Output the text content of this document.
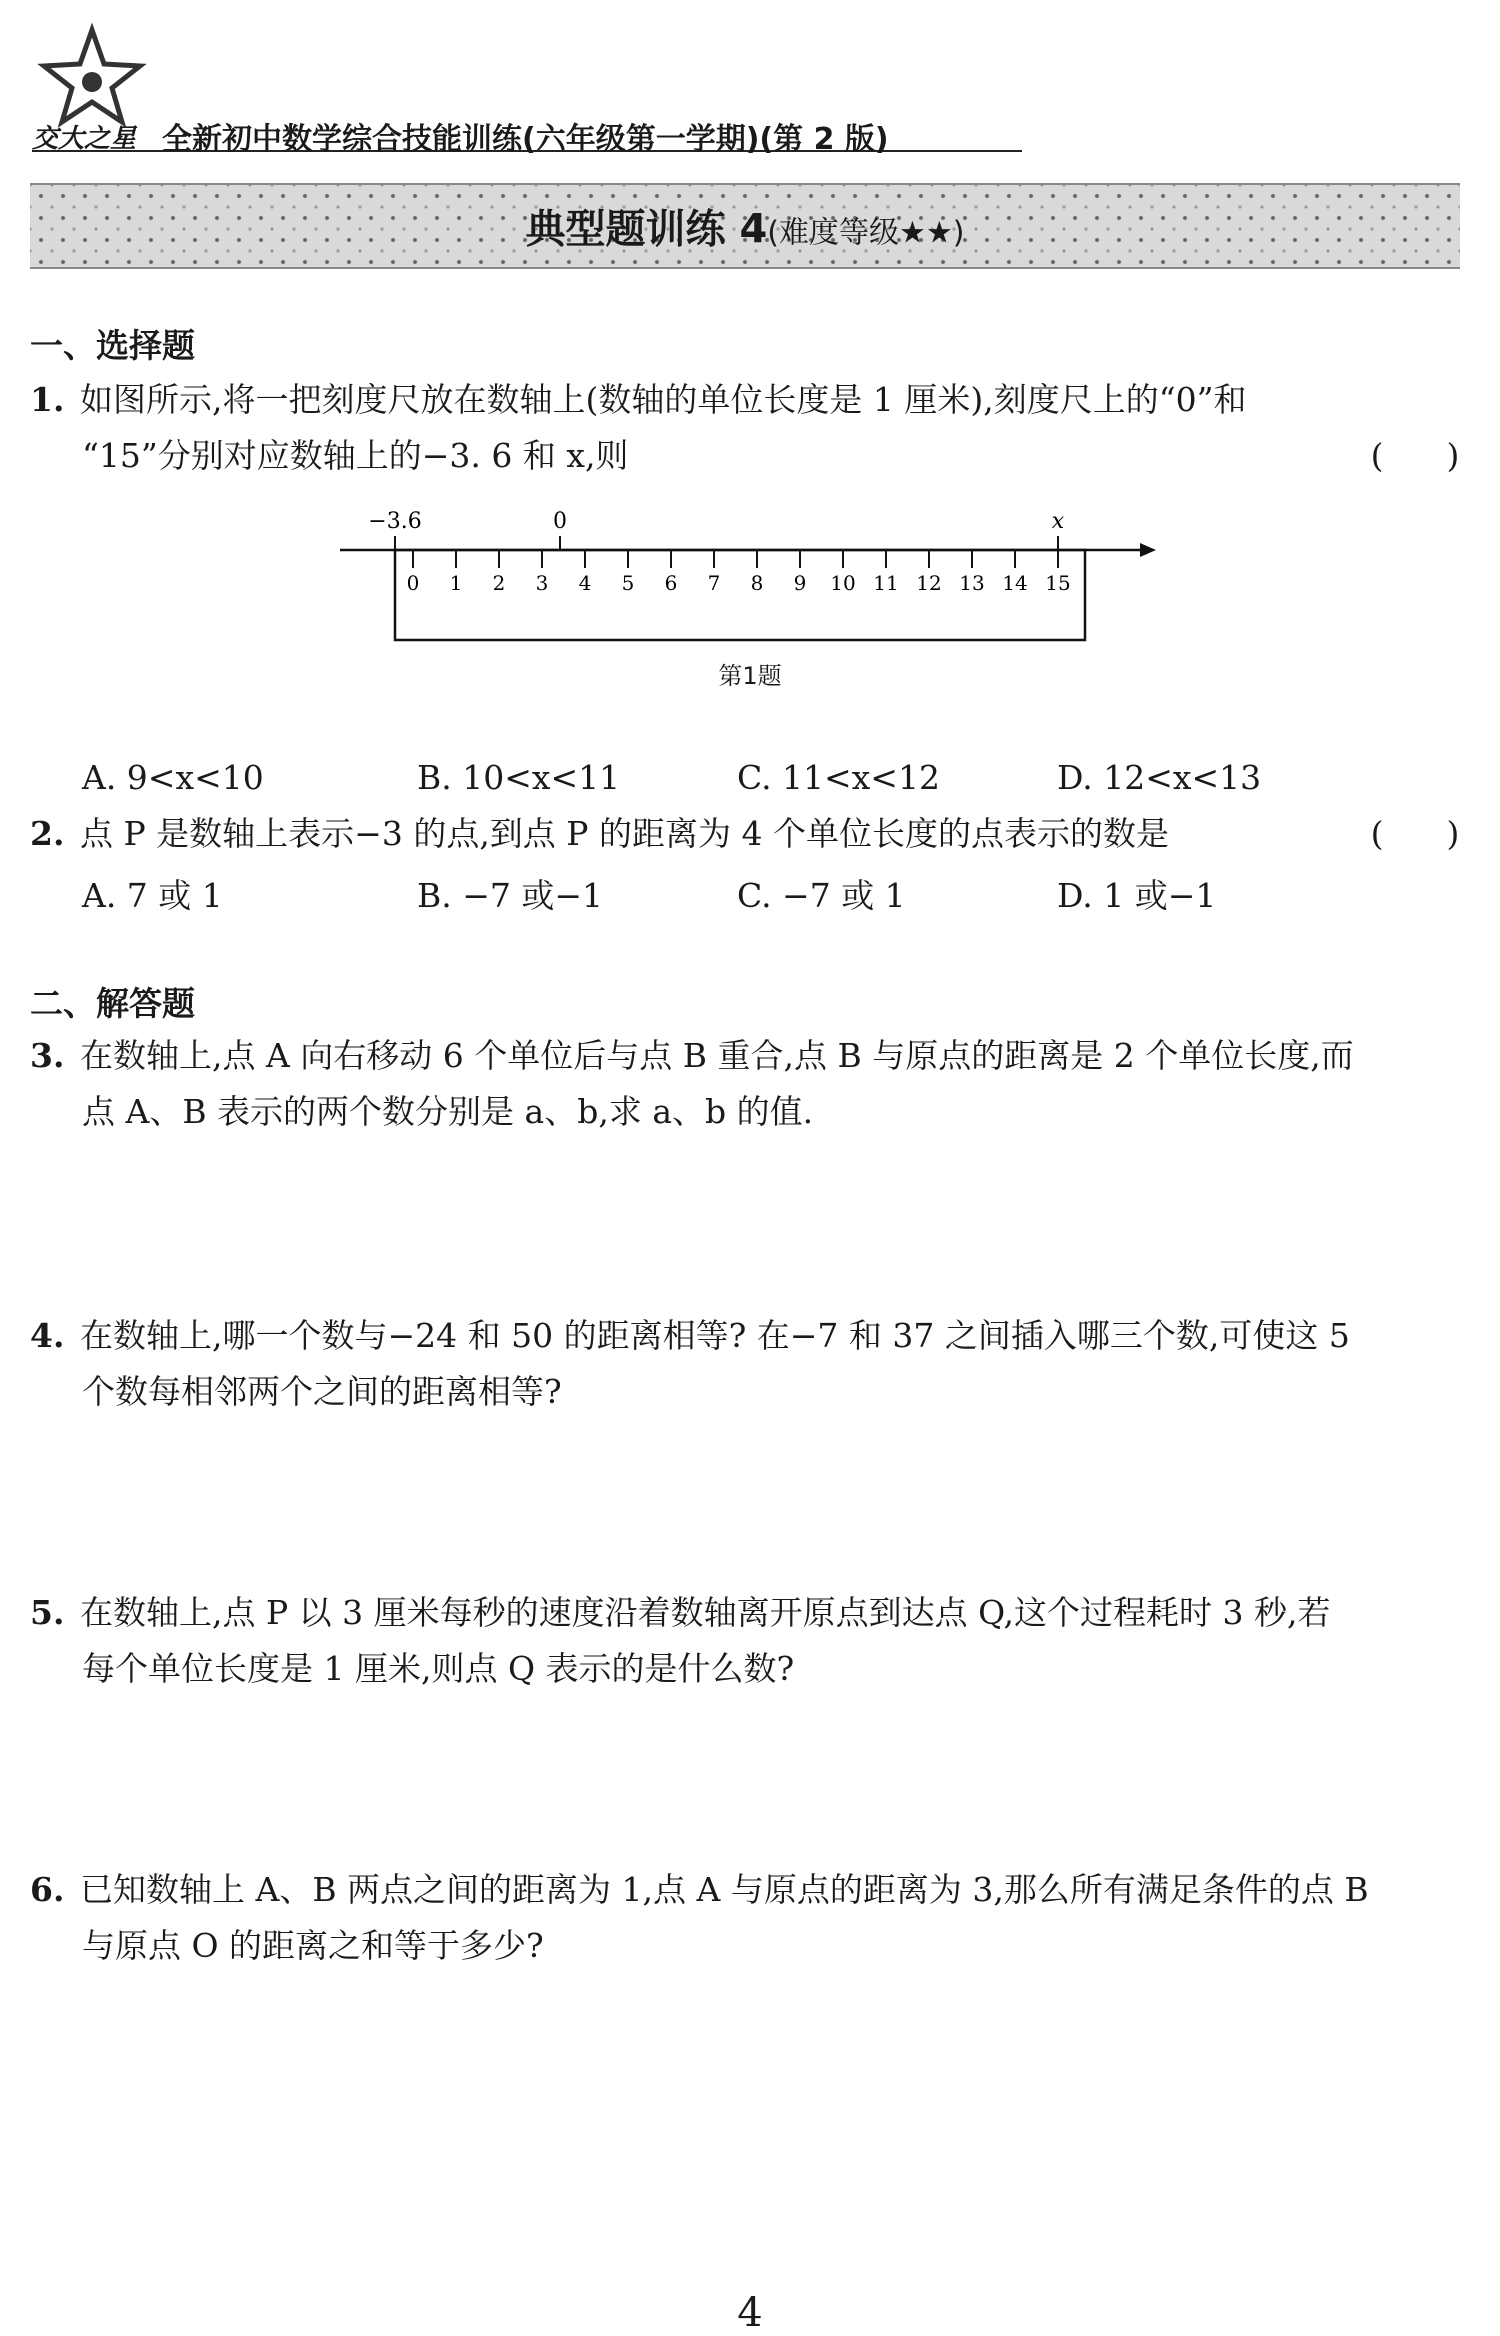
交大之星 全新初中数学综合技能训练(六年级第一学期)(第 2 版)
典型题训练 4(难度等级★★)
一、选择题
1. 如图所示,将一把刻度尺放在数轴上(数轴的单位长度是 1 厘米),刻度尺上的“0”和
“15”分别对应数轴上的−3. 6 和 x,则	(      )
−3.6	0	x
0 1 2 3 4 5 6 7 8 9 10 11 12 13 14 15
第1题
A. 9<x<10	B. 10<x<11	C. 11<x<12	D. 12<x<13
2. 点 P 是数轴上表示−3 的点,到点 P 的距离为 4 个单位长度的点表示的数是	(      )
A. 7 或 1	B. −7 或−1	C. −7 或 1	D. 1 或−1
二、解答题
3. 在数轴上,点 A 向右移动 6 个单位后与点 B 重合,点 B 与原点的距离是 2 个单位长度,而
点 A、B 表示的两个数分别是 a、b,求 a、b 的值.
4. 在数轴上,哪一个数与−24 和 50 的距离相等? 在−7 和 37 之间插入哪三个数,可使这 5
个数每相邻两个之间的距离相等?
5. 在数轴上,点 P 以 3 厘米每秒的速度沿着数轴离开原点到达点 Q,这个过程耗时 3 秒,若
每个单位长度是 1 厘米,则点 Q 表示的是什么数?
6. 已知数轴上 A、B 两点之间的距离为 1,点 A 与原点的距离为 3,那么所有满足条件的点 B
与原点 O 的距离之和等于多少?
4
